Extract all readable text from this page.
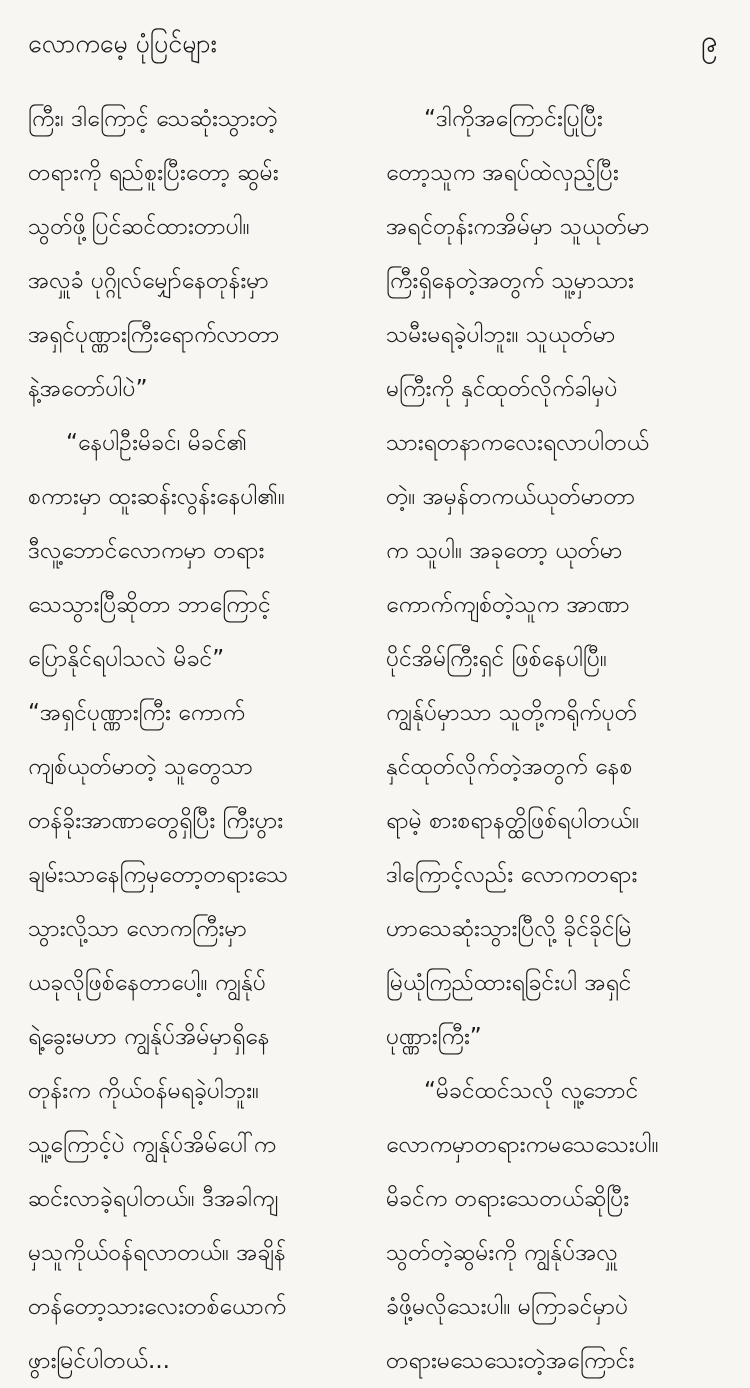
လောကမေ့ ပုံပြင်များ	၉
ကြီး၊ ဒါကြောင့် သေဆုံးသွားတဲ့
တရားကို ရည်စူးပြီးတော့ ဆွမ်း
သွတ်ဖို့ပြင်ဆင်ထားတာပါ။
အလှူခံ ပုဂ္ဂိုလ်မျှော်နေတုန်းမှာ
အရှင်ပုဏ္ဏားကြီးရောက်လာတာ
နဲ့အတော်ပါပဲ”
“နေပါဦးမိခင်၊ မိခင်၏
စကားမှာ ထူးဆန်းလွန်းနေပါ၏။
ဒီလူ့ဘောင်လောကမှာ တရား
သေသွားပြီဆိုတာ ဘာကြောင့်
ပြောနိုင်ရပါသလဲ မိခင်”
“အရှင်ပုဏ္ဏားကြီး ကောက်
ကျစ်ယုတ်မာတဲ့ သူတွေသာ
တန်ခိုးအာဏာတွေရှိပြီး ကြီးပွား
ချမ်းသာနေကြမှတော့တရားသေ
သွားလို့သာ လောကကြီးမှာ
ယခုလိုဖြစ်နေတာပေါ့။ ကျွန်ုပ်
ရဲ့ခွေးမဟာ ကျွန်ုပ်အိမ်မှာရှိနေ
တုန်းက ကိုယ်ဝန်မရခဲ့ပါဘူး။
သူ့ကြောင့်ပဲ ကျွန်ုပ်အိမ်ပေါ်က
ဆင်းလာခဲ့ရပါတယ်။ ဒီအခါကျ
မှသူကိုယ်ဝန်ရလာတယ်။ အချိန်
တန်တော့သားလေးတစ်ယောက်
ဖွားမြင်ပါတယ်...
“ဒါကိုအကြောင်းပြုပြီး
တော့သူက အရပ်ထဲလှည့်ပြီး
အရင်တုန်းကအိမ်မှာ သူယုတ်မာ
ကြီးရှိနေတဲ့အတွက် သူ့မှာသား
သမီးမရခဲ့ပါဘူး။ သူယုတ်မာ
မကြီးကို နှင်ထုတ်လိုက်ခါမှပဲ
သားရတနာကလေးရလာပါတယ်
တဲ့။ အမှန်တကယ်ယုတ်မာတာ
က သူပါ။ အခုတော့ ယုတ်မာ
ကောက်ကျစ်တဲ့သူက အာဏာ
ပိုင်အိမ်ကြီးရှင် ဖြစ်နေပါပြီ။
ကျွန်ုပ်မှာသာ သူတို့ကရိုက်ပုတ်
နှင်ထုတ်လိုက်တဲ့အတွက် နေစ
ရာမဲ့ စားစရာနတ္ထိဖြစ်ရပါတယ်။
ဒါကြောင့်လည်း လောကတရား
ဟာသေဆုံးသွားပြီလို့ ခိုင်ခိုင်မြဲ
မြဲယုံကြည်ထားရခြင်းပါ အရှင်
ပုဏ္ဏားကြီး”
“မိခင်ထင်သလို လူ့ဘောင်
လောကမှာတရားကမသေသေးပါ။
မိခင်က တရားသေတယ်ဆိုပြီး
သွတ်တဲ့ဆွမ်းကို ကျွန်ုပ်အလှူ
ခံဖို့မလိုသေးပါ။ မကြာခင်မှာပဲ
တရားမသေသေးတဲ့အကြောင်း
